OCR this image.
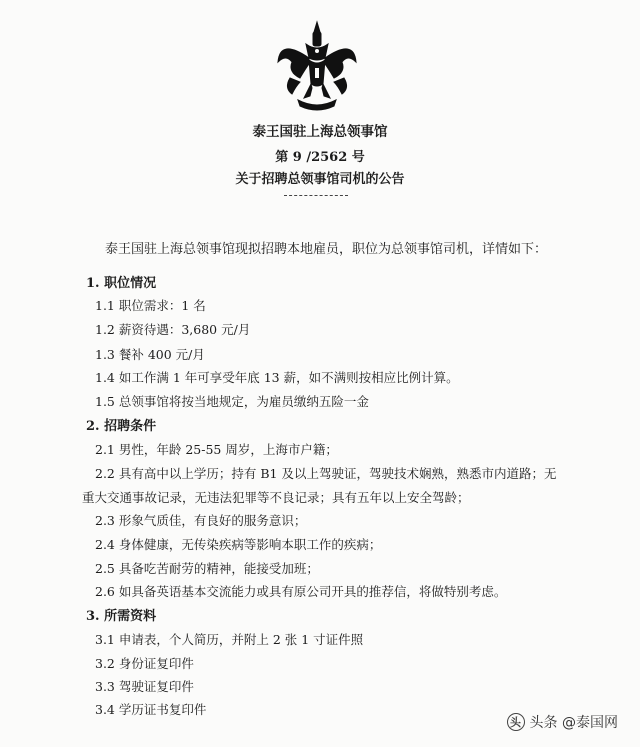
泰王国驻上海总领事馆
第 9 /2562 号
关于招聘总领事馆司机的公告
泰王国驻上海总领事馆现拟招聘本地雇员，职位为总领事馆司机，详情如下：
1. 职位情况
1.1 职位需求：1 名
1.2 薪资待遇：3,680 元/月
1.3 餐补 400 元/月
1.4 如工作满 1 年可享受年底 13 薪，如不满则按相应比例计算。
1.5 总领事馆将按当地规定，为雇员缴纳五险一金
2. 招聘条件
2.1 男性，年龄 25-55 周岁，上海市户籍；
2.2 具有高中以上学历；持有 B1 及以上驾驶证，驾驶技术娴熟，熟悉市内道路；无
重大交通事故记录，无违法犯罪等不良记录；具有五年以上安全驾龄；
2.3 形象气质佳，有良好的服务意识；
2.4 身体健康，无传染疾病等影响本职工作的疾病；
2.5 具备吃苦耐劳的精神，能接受加班；
2.6 如具备英语基本交流能力或具有原公司开具的推荐信，将做特别考虑。
3. 所需资料
3.1 申请表，个人简历，并附上 2 张 1 寸证件照
3.2 身份证复印件
3.3 驾驶证复印件
3.4 学历证书复印件
头 头条 @泰国网
